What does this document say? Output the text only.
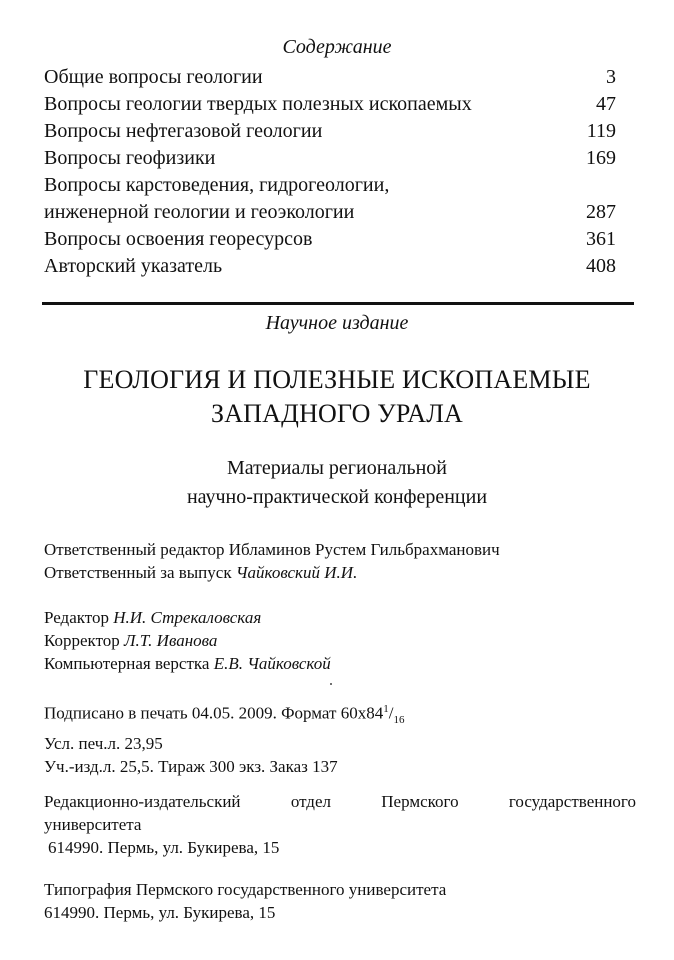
Содержание
Общие вопросы геологии	3
Вопросы геологии твердых полезных ископаемых	47
Вопросы нефтегазовой геологии	119
Вопросы геофизики	169
Вопросы карстоведения, гидрогеологии,
инженерной геологии и геоэкологии	287
Вопросы освоения георесурсов	361
Авторский указатель	408
Научное издание
ГЕОЛОГИЯ И ПОЛЕЗНЫЕ ИСКОПАЕМЫЕ
ЗАПАДНОГО УРАЛА
Материалы региональной
научно-практической конференции
Ответственный редактор Ибламинов Рустем Гильбрахманович
Ответственный за выпуск Чайковский И.И.
Редактор Н.И. Стрекаловская
Корректор Л.Т. Иванова
Компьютерная верстка Е.В. Чайковской
Подписано в печать 04.05. 2009. Формат $60х84^1/_{16}$
Усл. печ.л. 23,95
Уч.-изд.л. 25,5. Тираж 300 экз. Заказ 137
Редакционно-издательский	отдел	Пермского	государственного
университета
614990. Пермь, ул. Букирева, 15
Типография Пермского государственного университета
614990. Пермь, ул. Букирева, 15
